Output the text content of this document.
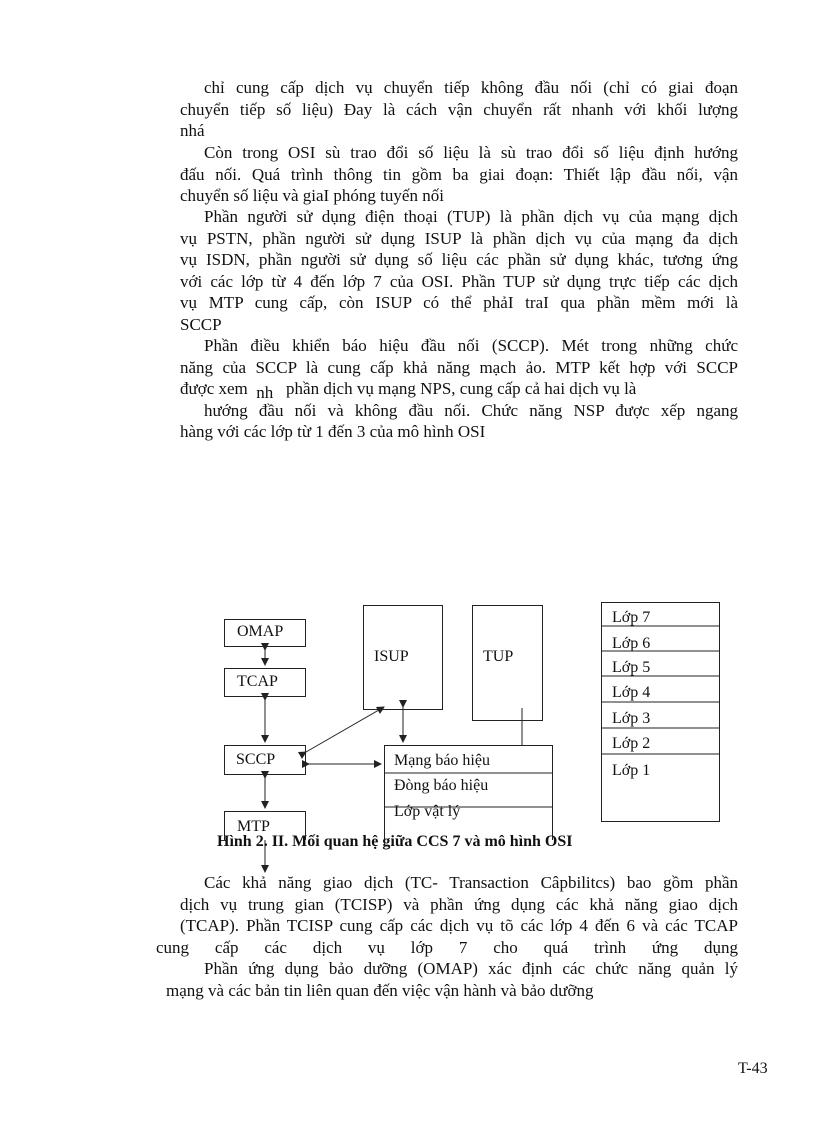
chỉ cung cấp dịch vụ chuyển tiếp không đầu nối (chỉ có giai đoạn
chuyển tiếp số liệu) Đay là cách vận chuyển rất nhanh với khối lượng
nhá
Còn trong OSI sù trao đổi số liệu là sù trao đổi số liệu định hướng
đấu nối. Quá trình thông tin gồm ba giai đoạn: Thiết lập đầu nối, vận
chuyển số liệu và giaI phóng tuyến nối
Phần người sử dụng điện thoại (TUP) là phần dịch vụ của mạng dịch
vụ PSTN, phần người sử dụng ISUP là phần dịch vụ của mạng đa dịch
vụ ISDN, phần người sử dụng số liệu các phần sử dụng khác, tương ứng
với các lớp từ 4 đến lớp 7 của OSI. Phần TUP sử dụng trực tiếp các dịch
vụ MTP cung cấp, còn ISUP có thể phảI traI qua phần mềm mới là
SCCP
Phần điều khiển báo hiệu đầu nối (SCCP). Mét trong những chức
năng của SCCP là cung cấp khả năng mạch ảo. MTP kết hợp với SCCP
được xem nh phần dịch vụ mạng NPS, cung cấp cả hai dịch vụ là
hướng đầu nối và không đầu nối. Chức năng NSP được xếp ngang
hàng với các lớp từ 1 đến 3 của mô hình OSI
OMAP
TCAP
SCCP
MTP
ISUP	TUP
Mạng báo hiệu
Đòng báo hiệu
Lớp vật lý
Lớp 7
Lớp 6
Lớp 5
Lớp 4
Lớp 3
Lớp 2
Lớp 1
Hình 2. II. Mối quan hệ giữa CCS 7 và mô hình OSI
Các khả năng giao dịch (TC- Transaction Câpbilitcs) bao gồm phần
dịch vụ trung gian (TCISP) và phần ứng dụng các khả năng giao dịch
(TCAP). Phần TCISP cung cấp các dịch vụ tõ các lớp 4 đến 6 và các TCAP
cung cấp các dịch vụ lớp 7 cho quá trình ứng dụng
Phần ứng dụng bảo dưỡng (OMAP) xác định các chức năng quản lý
mạng và các bản tin liên quan đến việc vận hành và bảo dưỡng
T-43
